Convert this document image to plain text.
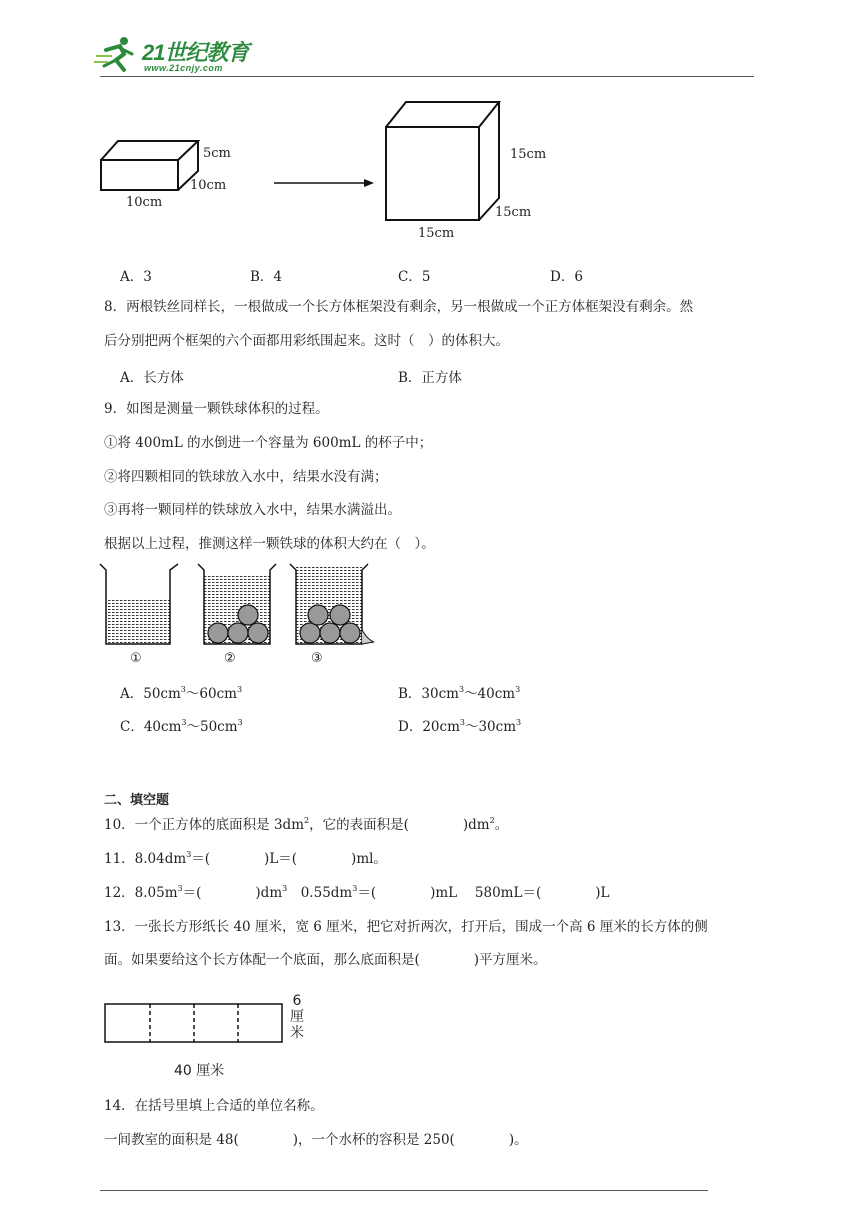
21世纪教育
www.21cnjy.com
5cm
10cm
10cm
15cm
15cm
15cm
A．3	B．4	C．5	D．6
8．两根铁丝同样长，一根做成一个长方体框架没有剩余，另一根做成一个正方体框架没有剩余。然
后分别把两个框架的六个面都用彩纸围起来。这时（　）的体积大。
A．长方体	B．正方体
9．如图是测量一颗铁球体积的过程。
①将 400mL 的水倒进一个容量为 600mL 的杯子中；
②将四颗相同的铁球放入水中，结果水没有满；
③再将一颗同样的铁球放入水中，结果水满溢出。
根据以上过程，推测这样一颗铁球的体积大约在（　）。
①	②	③
A．$50cm^3\sim 60cm^3$	B．$30cm^3\sim 40cm^3$
C．$40cm^3\sim 50cm^3$	D．$20cm^3\sim 30cm^3$
二、填空题
10．一个正方体的底面积是 $3dm^2$，它的表面积是(　　　　)$dm^2$。
11．$8.04dm^3=$(　　　　)L＝(　　　　)ml。
12．$8.05m^3=$(　　　　)$dm^3$　$0.55dm^3=$(　　　　)mL　 580mL＝(　　　　)L
13．一张长方形纸长 40 厘米，宽 6 厘米，把它对折两次，打开后，围成一个高 6 厘米的长方体的侧
面。如果要给这个长方体配一个底面，那么底面积是(　　　　)平方厘米。
6
厘
米
40 厘米
14．在括号里填上合适的单位名称。
一间教室的面积是 48(　　　　)，一个水杯的容积是 250(　　　　)。
